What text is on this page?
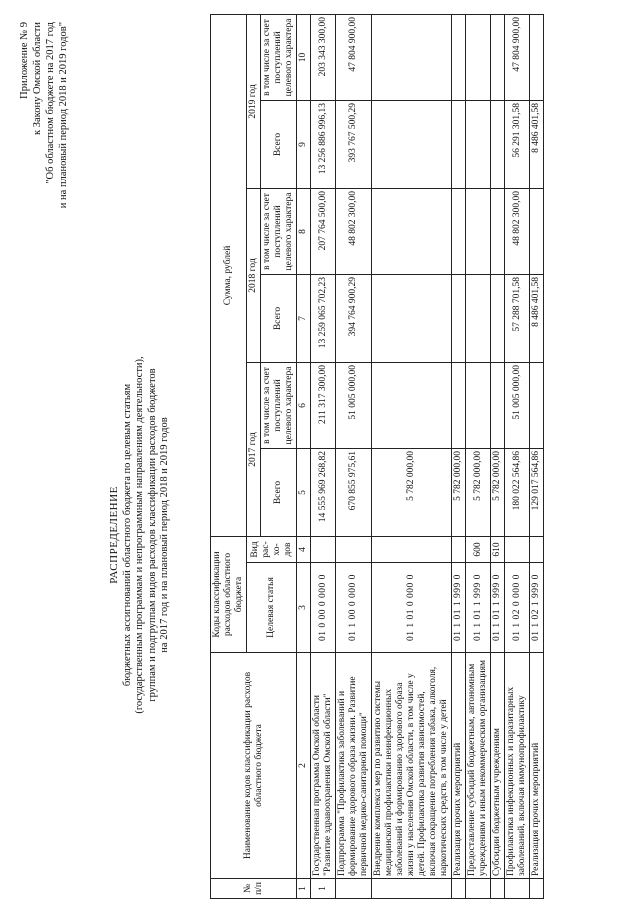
Приложение № 9 к Закону Омской области "Об областном бюджете на 2017 год и на плановый период 2018 и 2019 годов"
РАСПРЕДЕЛЕНИЕ бюджетных ассигнований областного бюджета по целевым статьям (государственным программам и непрограммным направлениям деятельности), группам и подгруппам видов расходов классификации расходов бюджетов на 2017 год и на плановый период 2018 и 2019 годов
№ п/п	Наименование кодов классификации расходов областного бюджета	Коды классификации расходов областного бюджета		Сумма, рублей					
		Целевая статья	Вид рас-хо-дов	2017 год		2018 год		2019 год	
				Всего	в том числе за счет поступлений целевого характера	Всего	в том числе за счет поступлений целевого характера	Всего	в том числе за счет поступлений целевого характера
1	2	3	4	5	6	7	8	9	10
1	Государственная программа Омской области "Развитие здравоохранения Омской области"	01 0 00 0 000 0		14 555 969 268,82	211 317 300,00	13 259 065 702,23	207 764 500,00	13 256 886 996,13	203 343 300,00
	Подпрограмма "Профилактика заболеваний и формирование здорового образа жизни. Развитие первичной медико-санитарной помощи"	01 1 00 0 000 0		670 855 975,61	51 005 000,00	394 764 900,29	48 802 300,00	393 767 500,29	47 804 900,00
	Внедрение комплекса мер по развитию системы медицинской профилактики неинфекционных заболеваний и формированию здорового образа жизни у населения Омской области, в том числе у детей. Профилактика развития зависимостей, включая сокращение потребления табака, алкоголя, наркотических средств, в том числе у детей	01 1 01 0 000 0		5 782 000,00					
	Реализация прочих мероприятий	01 1 01 1 999 0		5 782 000,00					
	Предоставление субсидий бюджетным, автономным учреждениям и иным некоммерческим организациям	01 1 01 1 999 0	600	5 782 000,00					
	Субсидии бюджетным учреждениям	01 1 01 1 999 0	610	5 782 000,00					
	Профилактика инфекционных и паразитарных заболеваний, включая иммунопрофилактику	01 1 02 0 000 0		180 022 564,86	51 005 000,00	57 288 701,58	48 802 300,00	56 291 301,58	47 804 900,00
	Реализация прочих мероприятий	01 1 02 1 999 0		129 017 564,86		8 486 401,58		8 486 401,58	
